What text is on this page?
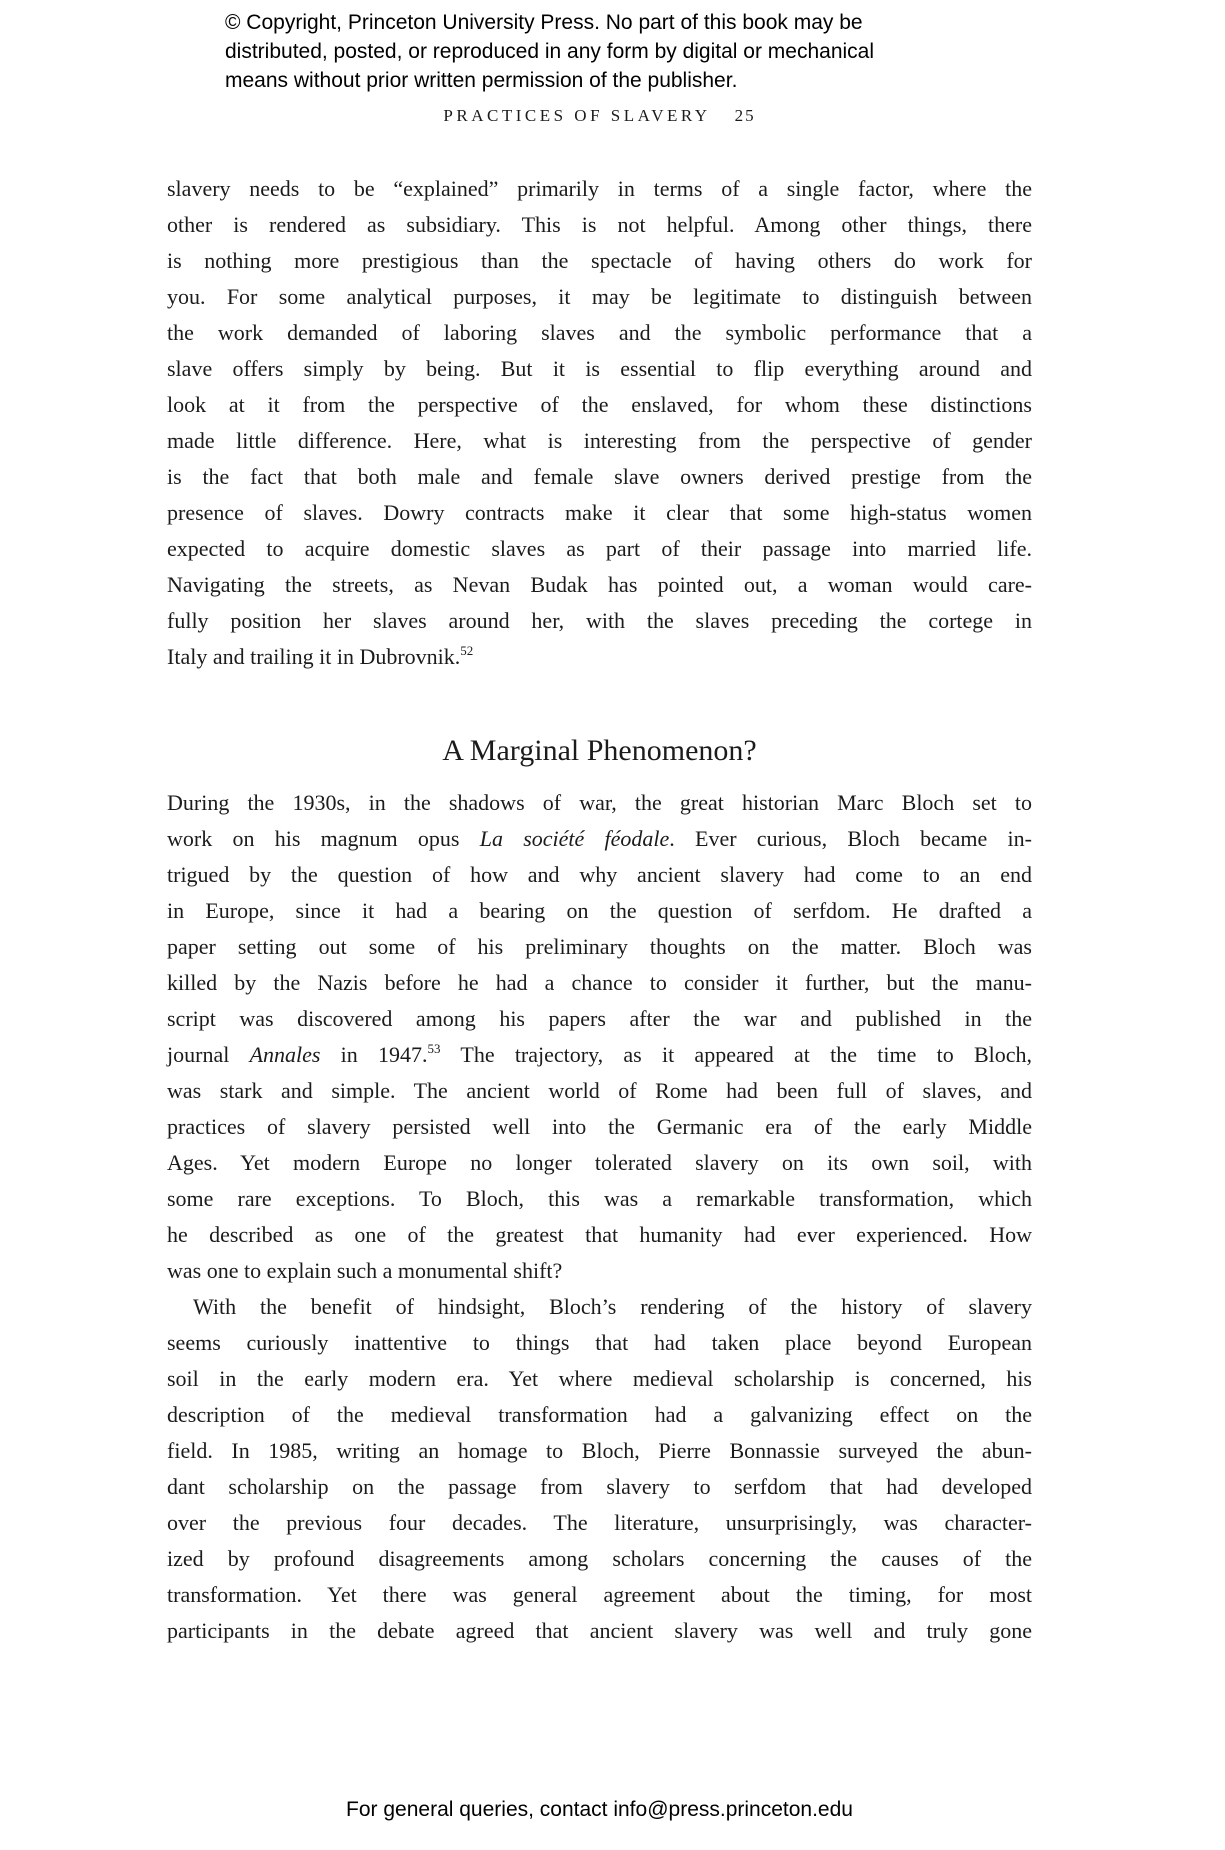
© Copyright, Princeton University Press. No part of this book may be
distributed, posted, or reproduced in any form by digital or mechanical
means without prior written permission of the publisher.
PRACTICES OF SLAVERY 25
slavery needs to be “explained” primarily in terms of a single factor, where the
other is rendered as subsidiary. This is not helpful. Among other things, there
is nothing more prestigious than the spectacle of having others do work for
you. For some analytical purposes, it may be legitimate to distinguish between
the work demanded of laboring slaves and the symbolic performance that a
slave offers simply by being. But it is essential to flip everything around and
look at it from the perspective of the enslaved, for whom these distinctions
made little difference. Here, what is interesting from the perspective of gender
is the fact that both male and female slave owners derived prestige from the
presence of slaves. Dowry contracts make it clear that some high-status women
expected to acquire domestic slaves as part of their passage into married life.
Navigating the streets, as Nevan Budak has pointed out, a woman would care-
fully position her slaves around her, with the slaves preceding the cortege in
Italy and trailing it in Dubrovnik.$^{52}$
A Marginal Phenomenon?
During the 1930s, in the shadows of war, the great historian Marc Bloch set to
work on his magnum opus La société féodale. Ever curious, Bloch became in-
trigued by the question of how and why ancient slavery had come to an end
in Europe, since it had a bearing on the question of serfdom. He drafted a
paper setting out some of his preliminary thoughts on the matter. Bloch was
killed by the Nazis before he had a chance to consider it further, but the manu-
script was discovered among his papers after the war and published in the
journal Annales in 1947.53 The trajectory, as it appeared at the time to Bloch,
was stark and simple. The ancient world of Rome had been full of slaves, and
practices of slavery persisted well into the Germanic era of the early Middle
Ages. Yet modern Europe no longer tolerated slavery on its own soil, with
some rare exceptions. To Bloch, this was a remarkable transformation, which
he described as one of the greatest that humanity had ever experienced. How
was one to explain such a monumental shift?
With the benefit of hindsight, Bloch’s rendering of the history of slavery
seems curiously inattentive to things that had taken place beyond European
soil in the early modern era. Yet where medieval scholarship is concerned, his
description of the medieval transformation had a galvanizing effect on the
field. In 1985, writing an homage to Bloch, Pierre Bonnassie surveyed the abun-
dant scholarship on the passage from slavery to serfdom that had developed
over the previous four decades. The literature, unsurprisingly, was character-
ized by profound disagreements among scholars concerning the causes of the
transformation. Yet there was general agreement about the timing, for most
participants in the debate agreed that ancient slavery was well and truly gone
For general queries, contact info@press.princeton.edu
